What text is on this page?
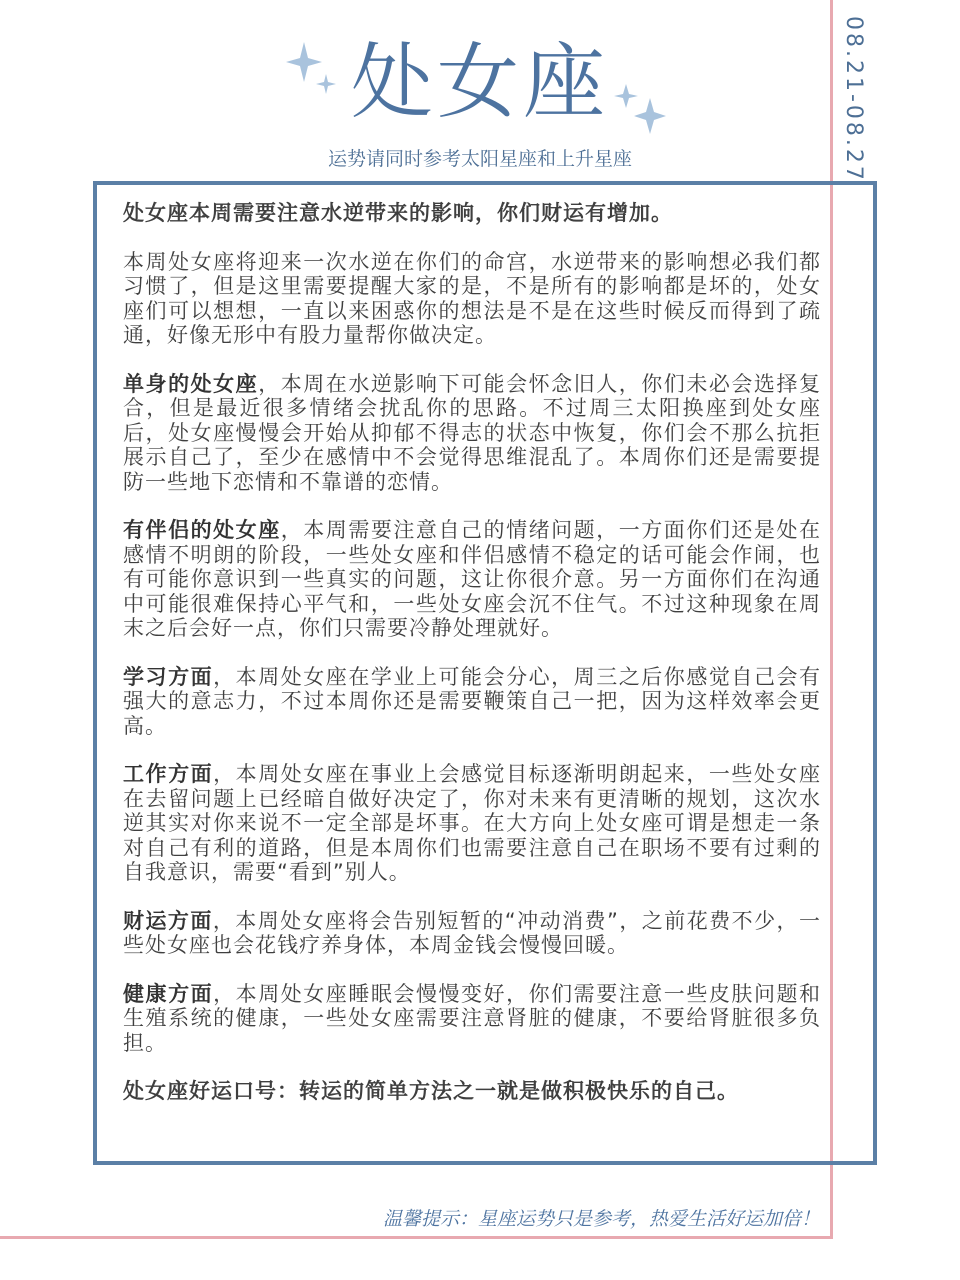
08.21-08.27
处女座
运势请同时参考太阳星座和上升星座

处女座本周需要注意水逆带来的影响，你们财运有增加。

本周处女座将迎来一次水逆在你们的命宫，水逆带来的影响想必我们都习惯了，但是这里需要提醒大家的是，不是所有的影响都是坏的，处女座们可以想想，一直以来困惑你的想法是不是在这些时候反而得到了疏通，好像无形中有股力量帮你做决定。

单身的处女座，本周在水逆影响下可能会怀念旧人，你们未必会选择复合，但是最近很多情绪会扰乱你的思路。不过周三太阳换座到处女座后，处女座慢慢会开始从抑郁不得志的状态中恢复，你们会不那么抗拒展示自己了，至少在感情中不会觉得思维混乱了。本周你们还是需要提防一些地下恋情和不靠谱的恋情。

有伴侣的处女座，本周需要注意自己的情绪问题，一方面你们还是处在感情不明朗的阶段，一些处女座和伴侣感情不稳定的话可能会作闹，也有可能你意识到一些真实的问题，这让你很介意。另一方面你们在沟通中可能很难保持心平气和，一些处女座会沉不住气。不过这种现象在周末之后会好一点，你们只需要冷静处理就好。

学习方面，本周处女座在学业上可能会分心，周三之后你感觉自己会有强大的意志力，不过本周你还是需要鞭策自己一把，因为这样效率会更高。

工作方面，本周处女座在事业上会感觉目标逐渐明朗起来，一些处女座在去留问题上已经暗自做好决定了，你对未来有更清晰的规划，这次水逆其实对你来说不一定全部是坏事。在大方向上处女座可谓是想走一条对自己有利的道路，但是本周你们也需要注意自己在职场不要有过剩的自我意识，需要“看到”别人。

财运方面，本周处女座将会告别短暂的“冲动消费”，之前花费不少，一些处女座也会花钱疗养身体，本周金钱会慢慢回暖。

健康方面，本周处女座睡眠会慢慢变好，你们需要注意一些皮肤问题和生殖系统的健康，一些处女座需要注意肾脏的健康，不要给肾脏很多负担。

处女座好运口号：转运的简单方法之一就是做积极快乐的自己。

温馨提示：星座运势只是参考，热爱生活好运加倍！
